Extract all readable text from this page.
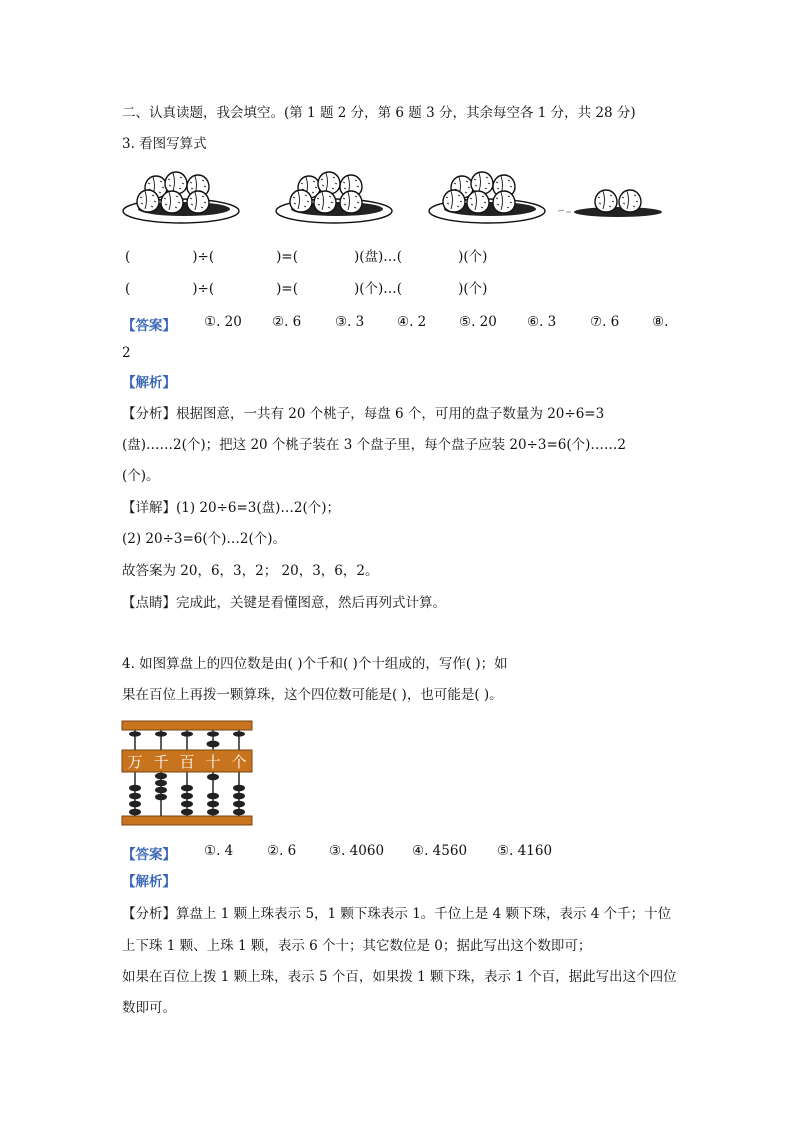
二、认真读题，我会填空。(第 1 题 2 分，第 6 题 3 分，其余每空各 1 分，共 28 分)
3. 看图写算式
(	)÷(	)=(	)(盘)…(	)(个)
(	)÷(	)=(	)(个)…(	)(个)
【答案】 ①. 20 ②. 6 ③. 3 ④. 2 ⑤. 20 ⑥. 3 ⑦. 6 ⑧.
2
【解析】
【分析】根据图意，一共有 20 个桃子，每盘 6 个，可用的盘子数量为 20÷6=3
(盘)……2(个)；把这 20 个桃子装在 3 个盘子里，每个盘子应装 20÷3=6(个)……2
(个)。
【详解】(1) 20÷6=3(盘)…2(个)；
(2) 20÷3=6(个)…2(个)。
故答案为 20，6，3，2； 20，3，6，2。
【点睛】完成此，关键是看懂图意，然后再列式计算。
4. 如图算盘上的四位数是由( )个千和( )个十组成的，写作( )；如
果在百位上再拨一颗算珠，这个四位数可能是( )，也可能是( )。
万 千 百 十 个
【答案】 ①. 4 ②. 6 ③. 4060 ④. 4560 ⑤. 4160
【解析】
【分析】算盘上 1 颗上珠表示 5，1 颗下珠表示 1。千位上是 4 颗下珠，表示 4 个千；十位
上下珠 1 颗、上珠 1 颗，表示 6 个十；其它数位是 0；据此写出这个数即可；
如果在百位上拨 1 颗上珠，表示 5 个百，如果拨 1 颗下珠，表示 1 个百，据此写出这个四位
数即可。
